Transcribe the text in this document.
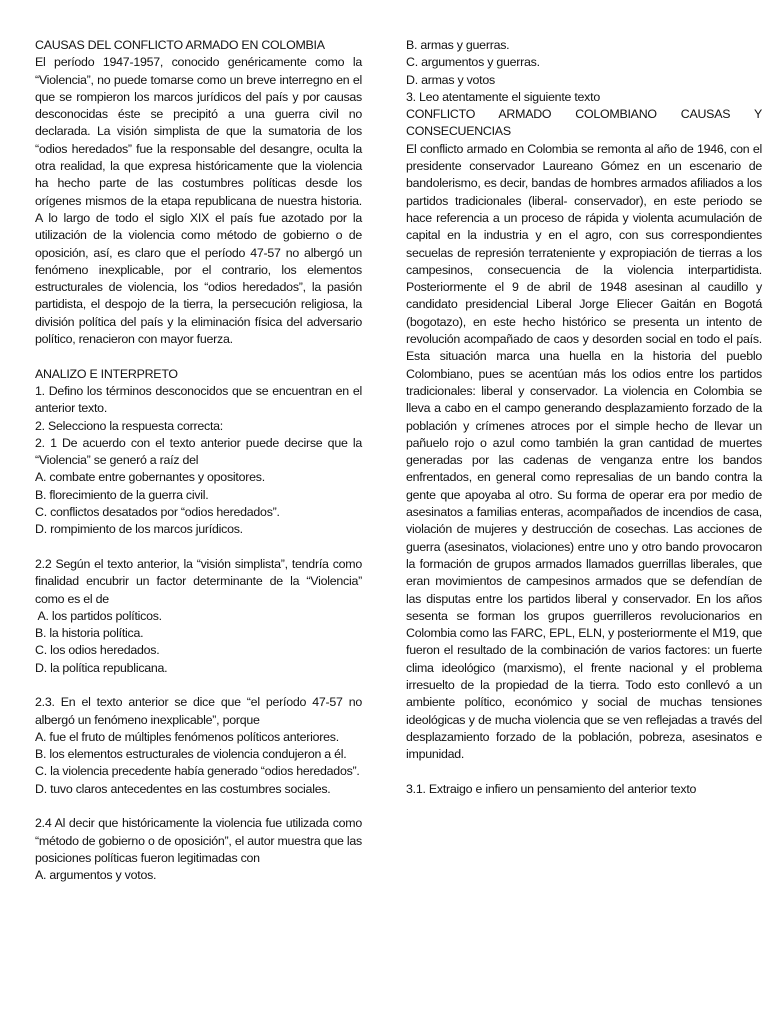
CAUSAS DEL CONFLICTO ARMADO EN COLOMBIA

El período 1947-1957, conocido genéricamente como la “Violencia”, no puede tomarse como un breve interregno en el que se rompieron los marcos jurídicos del país y por causas desconocidas éste se precipitó a una guerra civil no declarada. La visión simplista de que la sumatoria de los “odios heredados” fue la responsable del desangre, oculta la otra realidad, la que expresa históricamente que la violencia ha hecho parte de las costumbres políticas desde los orígenes mismos de la etapa republicana de nuestra historia. A lo largo de todo el siglo XIX el país fue azotado por la utilización de la violencia como método de gobierno o de oposición, así, es claro que el período 47-57 no albergó un fenómeno inexplicable, por el contrario, los elementos estructurales de violencia, los “odios heredados”, la pasión partidista, el despojo de la tierra, la persecución religiosa, la división política del país y la eliminación física del adversario político, renacieron con mayor fuerza.

ANALIZO E INTERPRETO

1. Defino los términos desconocidos que se encuentran en el anterior texto.

2. Selecciono la respuesta correcta:

2. 1 De acuerdo con el texto anterior puede decirse que la “Violencia” se generó a raíz del

A. combate entre gobernantes y opositores.

B. florecimiento de la guerra civil.

C. conflictos desatados por “odios heredados”.

D. rompimiento de los marcos jurídicos.

2.2 Según el texto anterior, la “visión simplista”, tendría como finalidad encubrir un factor determinante de la “Violencia” como es el de

A. los partidos políticos.

B. la historia política.

C. los odios heredados.

D. la política republicana.

2.3. En el texto anterior se dice que “el período 47-57 no albergó un fenómeno inexplicable”, porque

A. fue el fruto de múltiples fenómenos políticos anteriores.

B. los elementos estructurales de violencia condujeron a él.

C. la violencia precedente había generado “odios heredados”.

D. tuvo claros antecedentes en las costumbres sociales.

2.4 Al decir que históricamente la violencia fue utilizada como “método de gobierno o de oposición”, el autor muestra que las posiciones políticas fueron legitimadas con

A. argumentos y votos.

B. armas y guerras.

C. argumentos y guerras.

D. armas y votos

3. Leo atentamente el siguiente texto

CONFLICTO ARMADO COLOMBIANO CAUSAS Y CONSECUENCIAS

El conflicto armado en Colombia se remonta al año de 1946, con el presidente conservador Laureano Gómez en un escenario de bandolerismo, es decir, bandas de hombres armados afiliados a los partidos tradicionales (liberal- conservador), en este periodo se hace referencia a un proceso de rápida y violenta acumulación de capital en la industria y en el agro, con sus correspondientes secuelas de represión terrateniente y expropiación de tierras a los campesinos, consecuencia de la violencia interpartidista. Posteriormente el 9 de abril de 1948 asesinan al caudillo y candidato presidencial Liberal Jorge Eliecer Gaitán en Bogotá (bogotazo), en este hecho histórico se presenta un intento de revolución acompañado de caos y desorden social en todo el país. Esta situación marca una huella en la historia del pueblo Colombiano, pues se acentúan más los odios entre los partidos tradicionales: liberal y conservador. La violencia en Colombia se lleva a cabo en el campo generando desplazamiento forzado de la población y crímenes atroces por el simple hecho de llevar un pañuelo rojo o azul como también la gran cantidad de muertes generadas por las cadenas de venganza entre los bandos enfrentados, en general como represalias de un bando contra la gente que apoyaba al otro. Su forma de operar era por medio de asesinatos a familias enteras, acompañados de incendios de casa, violación de mujeres y destrucción de cosechas. Las acciones de guerra (asesinatos, violaciones) entre uno y otro bando provocaron la formación de grupos armados llamados guerrillas liberales, que eran movimientos de campesinos armados que se defendían de las disputas entre los partidos liberal y conservador. En los años sesenta se forman los grupos guerrilleros revolucionarios en Colombia como las FARC, EPL, ELN, y posteriormente el M19, que fueron el resultado de la combinación de varios factores: un fuerte clima ideológico (marxismo), el frente nacional y el problema irresuelto de la propiedad de la tierra. Todo esto conllevó a un ambiente político, económico y social de muchas tensiones ideológicas y de mucha violencia que se ven reflejadas a través del desplazamiento forzado de la población, pobreza, asesinatos e impunidad.

3.1. Extraigo e infiero un pensamiento del anterior texto
